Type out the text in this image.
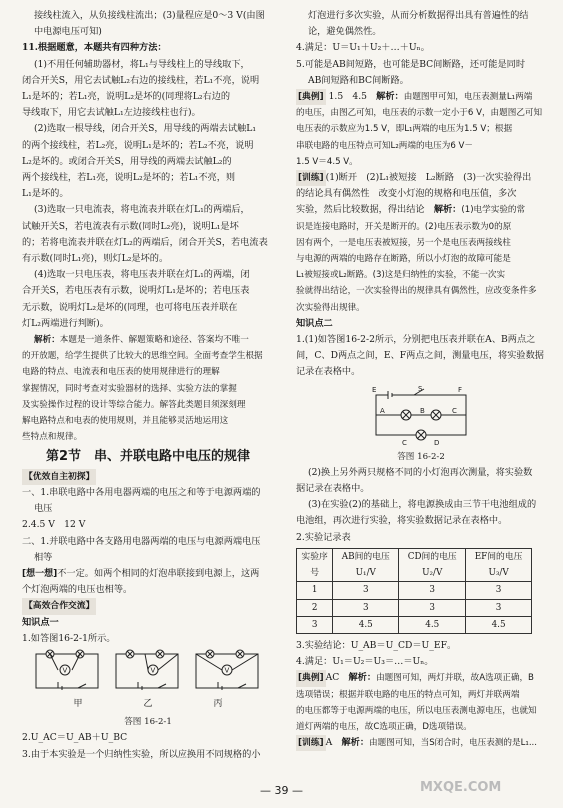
接线柱流入，从负接线柱流出；(3)量程应是0～3 V(由图

中电源电压可知)

11.根据题意，本题共有四种方法：

(1)不用任何辅助器材，将L₁与导线柱上的导线取下，

闭合开关S，用它去试触L₂右边的接线柱，若L₁不亮，说明

L₁是坏的；若L₁亮，说明L₂是坏的(同理将L₂右边的

导线取下，用它去试触L₁左边接线柱也行)。

(2)选取一根导线，闭合开关S，用导线的两端去试触L₁

的两个接线柱，若L₂亮，说明L₁是坏的；若L₂不亮，说明

L₂是坏的。或闭合开关S，用导线的两端去试触L₂的

两个接线柱，若L₁亮，说明L₂是坏的；若L₁不亮，则

L₁是坏的。

(3)选取一只电流表，将电流表并联在灯L₁的两端后，

试触开关S，若电流表有示数(同时L₂亮)，说明L₁是坏

的；若将电流表并联在灯L₂的两端后，闭合开关S，若电流表

有示数(同时L₁亮)，则灯L₂是坏的。

(4)选取一只电压表，将电压表并联在灯L₁的两端，闭

合开关S，若电压表有示数，说明灯L₁是坏的；若电压表

无示数，说明灯L₂是坏的(同理，也可将电压表并联在

灯L₂两端进行判断)。

解析：本题是一道条件、解题策略和途径、答案均不唯一

的开放题，给学生提供了比较大的思维空间。全面考查学生根据

电路的特点、电流表和电压表的使用规律进行的理解

掌握情况，同时考查对实验器材的选择、实验方法的掌握

及实验操作过程的设计等综合能力。解答此类题目须深刻理

解电路特点和电表的使用规则，并且能够灵活地运用这

些特点和规律。

第2节　串、并联电路中电压的规律

【优效自主初探】

一、1.串联电路中各用电器两端的电压之和等于电源两端的

电压

2.4.5 V　12 V

二、1.并联电路中各支路用电器两端的电压与电源两端电压

相等

[想一想]不一定。如两个相同的灯泡串联接到电源上，这两

个灯泡两端的电压也相等。

【高效合作交流】

知识点一

1.如答图16-2-1所示。

V	V	V
甲	乙	丙
答图 16-2-1

2.U_AC＝U_AB＋U_BC

3.由于本实验是一个归纳性实验，所以应换用不同规格的小

灯泡进行多次实验，从而分析数据得出具有普遍性的结

论，避免偶然性。

4.满足：U＝U₁＋U₂＋…＋Uₙ。

5.可能是AB间短路，也可能是BC间断路，还可能是同时

AB间短路和BC间断路。

[典例] 1.5　4.5　 解析：由题图甲可知，电压表测量L₁两端

的电压，由图乙可知，电压表的示数一定小于6 V，由题图乙可知

电压表的示数应为1.5 V，即L₁两端的电压为1.5 V；根据

串联电路的电压特点可知L₂两端的电压为6 V－

1.5 V＝4.5 V。

[训练] (1)断开　(2)L₁被短接　L₂断路　(3)一次实验得出

的结论具有偶然性　改变小灯泡的规格和电压值，多次

实验，然后比较数据，得出结论　 解析：(1)电学实验的常

识是连接电路时，开关是断开的。(2)电压表示数为0的原

因有两个，一是电压表被短接，另一个是电压表两接线柱

与电源的两端的电路存在断路，所以小灯泡的故障可能是

L₁被短接或L₂断路。(3)这是归纳性的实验，不能一次实

验就得出结论，一次实验得出的规律具有偶然性，应改变条件多

次实验得出规律。

知识点二

1.(1)如答图16-2-2所示，分别把电压表并联在A、B两点之

间，C、D两点之间，E、F两点之间，测量电压，将实验数据

记录在表格中。

E	S	F
A	B	C
C	D
答图 16-2-2

(2)换上另外两只规格不同的小灯泡再次测量，将实验数

据记录在表格中。

(3)在实验(2)的基础上，将电源换成由三节干电池组成的

电池组，再次进行实验，将实验数据记录在表格中。

2.实验记录表

实验序号	AB间的电压U₁/V	CD间的电压U₂/V	EF间的电压U₃/V
1	3	3	3
2	3	3	3
3	4.5	4.5	4.5

3.实验结论：U_AB＝U_CD＝U_EF。

4.满足：U₁＝U₂＝U₃＝…＝Uₙ。

[典例] AC　 解析：由题图可知，两灯并联，故A选项正确，B

选项错误；根据并联电路的电压的特点可知，两灯并联两端

的电压都等于电源两端的电压，所以电压表测电源电压，也就知

道灯两端的电压，故C选项正确，D选项错误。

[训练] A　 解析：由题图可知，当S闭合时，电压表测的是L₁...

— 39 —	MXQE.COM
